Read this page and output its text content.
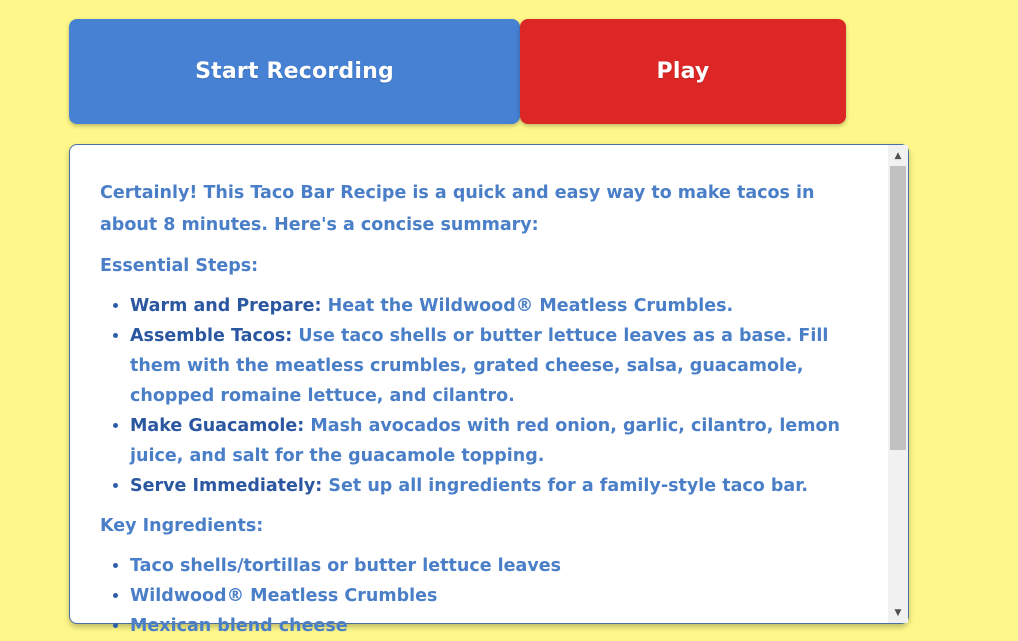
Start Recording	Play

Certainly! This Taco Bar Recipe is a quick and easy way to make tacos in about 8 minutes. Here's a concise summary:

Essential Steps:
• Warm and Prepare: Heat the Wildwood® Meatless Crumbles.
• Assemble Tacos: Use taco shells or butter lettuce leaves as a base. Fill them with the meatless crumbles, grated cheese, salsa, guacamole, chopped romaine lettuce, and cilantro.
• Make Guacamole: Mash avocados with red onion, garlic, cilantro, lemon juice, and salt for the guacamole topping.
• Serve Immediately: Set up all ingredients for a family-style taco bar.
Key Ingredients:
• Taco shells/tortillas or butter lettuce leaves
• Wildwood® Meatless Crumbles
• Mexican blend cheese
▲
▼
